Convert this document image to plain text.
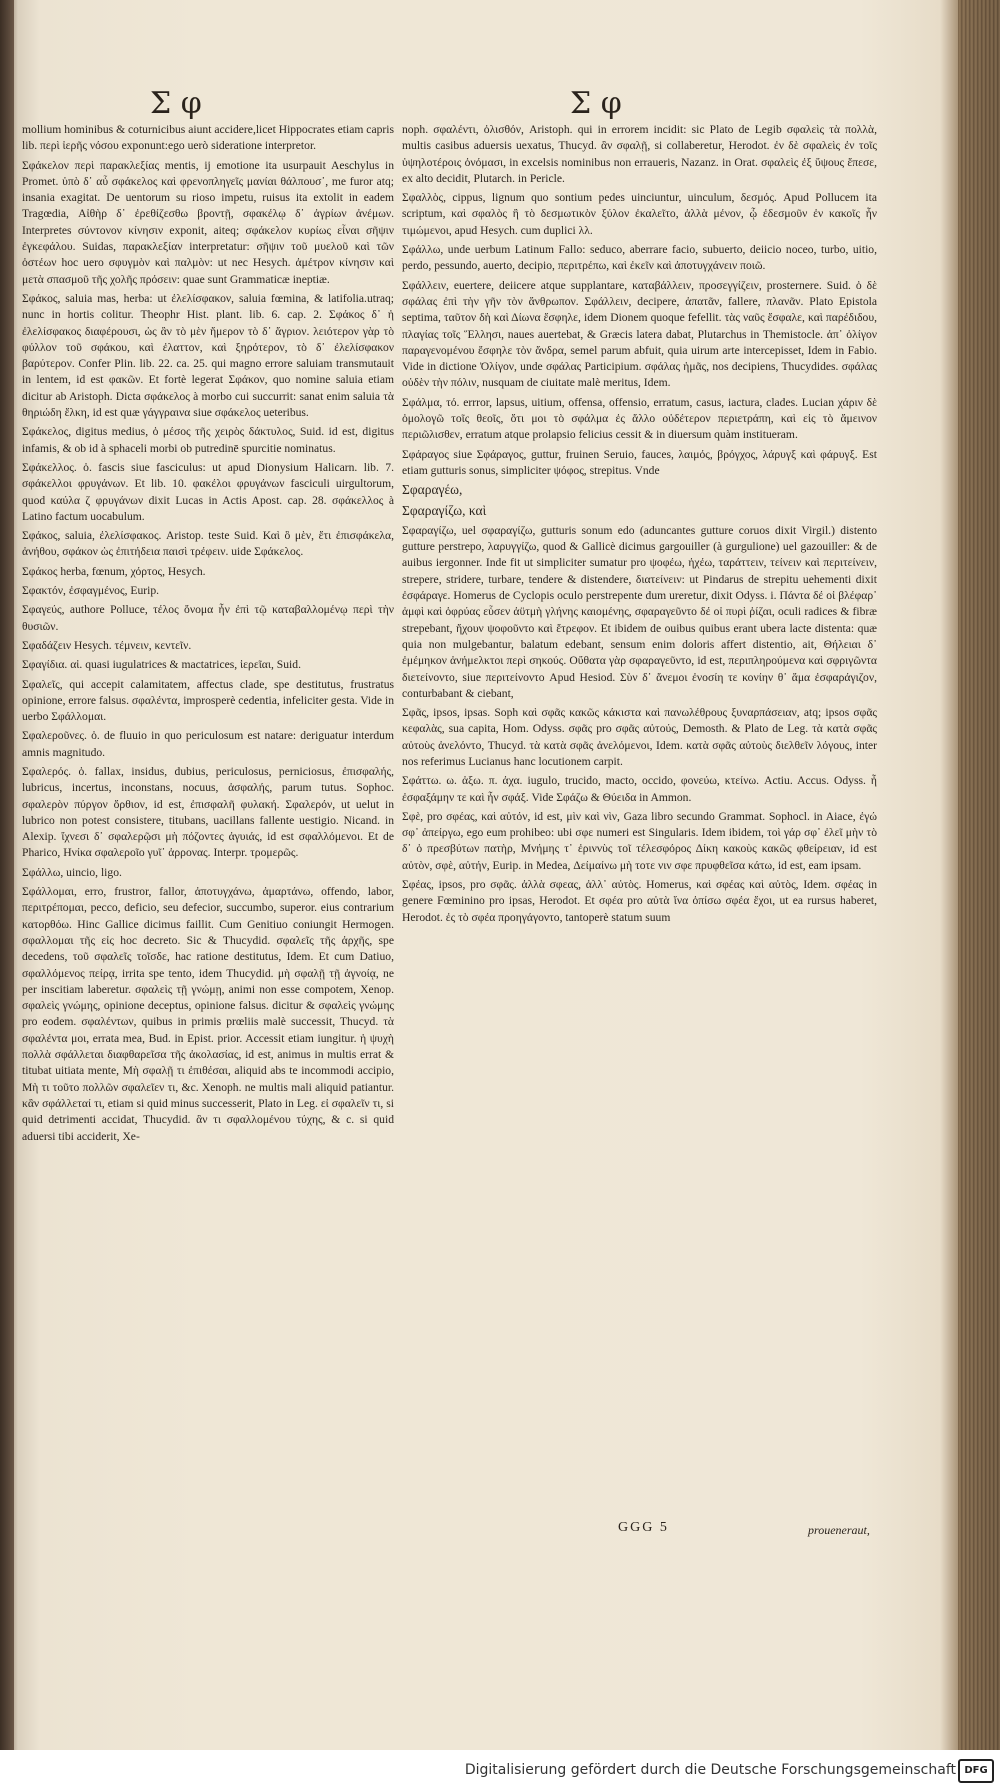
Σ φ	Σ φ

mollium hominibus & coturnicibus aiunt accidere,licet Hippocrates etiam capris lib. περὶ ἱερῆς νόσου exponunt:ego uerò sideratione interpretor.

Σφάκελον περὶ παρακλεξίας mentis, ij emotione ita usurpauit Aeschylus in Promet. ὑπὸ δ᾽ αὖ σφάκελος καὶ φρενοπληγεῖς μανίαι θάλπουσ᾽, me furor atq; insania exagitat. De uentorum su rioso impetu, ruisus ita extolit in eadem Tragœdia, Αἰθὴρ δ᾽ ἐρεθίζεσθω βροντῇ, σφακέλῳ δ᾽ ἀγρίων ἀνέμων. Interpretes σύντονον κίνησιν exponit, aiteq; σφάκελον κυρίως εἶναι σῆψιν ἐγκεφάλου. Suidas, παρακλεξίαν interpretatur: σῆψιν τοῦ μυελοῦ καὶ τῶν ὀστέων hoc uero σφυγμὸν καὶ παλμὸν: ut nec Hesych. ἀμέτρον κίνησιν καὶ μετὰ σπασμοῦ τῆς χολῆς πρόσειν: quae sunt Grammaticæ ineptiæ.

Σφάκος, saluia mas, herba: ut ἐλελίσφακον, saluia fœmina, & latifolia.utraq; nunc in hortis colitur. Theophr Hist. plant. lib. 6. cap. 2. Σφάκος δ᾽ ἡ ἐλελίσφακος διαφέρουσι, ὡς ἂν τὸ μὲν ἥμερον τὸ δ᾽ ἄγριον. λειότερον γὰρ τὸ φύλλον τοῦ σφάκου, καὶ ἐλαττον, καὶ ξηρότερον, τὸ δ᾽ ἐλελίσφακον βαρύτερον. Confer Plin. lib. 22. ca. 25. qui magno errore saluiam transmutauit in lentem, id est φακῶν. Et fortè legerat Σφάκον, quo nomine saluia etiam dicitur ab Aristoph. Dicta σφάκελος à morbo cui succurrit: sanat enim saluia τὰ θηριώδη ἕλκη, id est quæ γάγγραινα siue σφάκελος ueteribus.

Σφάκελος, digitus medius, ὁ μέσος τῆς χειρὸς δάκτυλος, Suid. id est, digitus infamis, & ob id à sphaceli morbi ob putredinē spurcitie nominatus.

Σφάκελλος. ὁ. fascis siue fasciculus: ut apud Dionysium Halicarn. lib. 7. σφάκελλοι φρυγάνων. Et lib. 10. φακέλοι φρυγάνων fasciculi uirgultorum, quod καύλα ζ φρυγάνων dixit Lucas in Actis Apost. cap. 28. σφάκελλος à Latino factum uocabulum.

Σφάκος, saluia, ἐλελίσφακος. Aristop. teste Suid. Καὶ ὃ μὲν, ἔτι ἐπισφάκελα, ἀνήθου, σφάκον ὡς ἐπιτήδεια παισὶ τρέφειν. uide Σφάκελος.

Σφάκος herba, fœnum, χόρτος, Hesych.

Σφακτόν, ἐσφαγμένος, Eurip.

Σφαγεύς, authore Polluce, τέλος ὄνομα ἦν ἐπὶ τῷ καταβαλλομένῳ περὶ τὴν θυσιῶν.

Σφαδάζειν Hesych. τέμνειν, κεντεῖν.

Σφαγίδια. αἱ. quasi iugulatrices & mactatrices, ἱερεῖαι, Suid.

Σφαλεῖς, qui accepit calamitatem, affectus clade, spe destitutus, frustratus opinione, errore falsus. σφαλέντα, improsperè cedentia, infeliciter gesta. Vide in uerbo Σφάλλομαι.

Σφαλεροῦνες. ὁ. de fluuio in quo periculosum est natare: deriguatur interdum amnis magnitudo.

Σφαλερός. ὁ. fallax, insidus, dubius, periculosus, perniciosus, ἐπισφαλής, lubricus, incertus, inconstans, nocuus, ἀσφαλής, parum tutus. Sophoc. σφαλερὸν πύργον ὄρθιον, id est, ἐπισφαλῆ φυλακή. Σφαλερόν, ut uelut in lubrico non potest consistere, titubans, uacillans fallente uestigio. Nicand. in Alexip. ἴχνεσι δ᾽ σφαλερῷσι μὴ πόζοντες ἀγυιάς, id est σφαλλόμενοι. Et de Pharico, Ηνίκα σφαλεροῖο γυῖ᾽ ἀρρονας. Interpr. τρομερῶς.

Σφάλλω, uincio, ligo.

Σφάλλομαι, erro, frustror, fallor, ἀποτυγχάνω, ἁμαρτάνω, offendo, labor, περιτρέπομαι, pecco, deficio, seu defecior, succumbo, superor. eius contrarium κατορθόω. Hinc Gallice dicimus faillit. Cum Genitiuo coniungit Hermogen. σφαλλομαι τῆς εἰς hoc decreto. Sic & Thucydid. σφαλεῖς τῆς ἀρχῆς, spe decedens, τοῦ σφαλεῖς τοῖσδε, hac ratione destitutus, Idem. Et cum Datiuo, σφαλλόμενος πείρᾳ, irrita spe tento, idem Thucydid. μὴ σφαλῇ τῇ ἀγνοίᾳ, ne per inscitiam laberetur. σφαλεὶς τῇ γνώμῃ, animi non esse compotem, Xenop. σφαλεὶς γνώμης, opinione deceptus, opinione falsus. dicitur & σφαλεὶς γνώμης pro eodem. σφαλέντων, quibus in primis prœliis malè successit, Thucyd. τὰ σφαλέντα μοι, errata mea, Bud. in Epist. prior. Accessit etiam iungitur. ἡ ψυχὴ πολλὰ σφάλλεται διαφθαρεῖσα τῆς ἀκολασίας, id est, animus in multis errat & titubat uitiata mente, Μὴ σφαλῇ τι ἐπιθέσαι, aliquid abs te incommodi accipio, Μὴ τι τοῦτο πολλῶν σφαλεῖεν τι, &c. Xenoph. ne multis mali aliquid patiantur. κἂν σφάλλεταί τι, etiam si quid minus successerit, Plato in Leg. εἰ σφαλεῖν τι, si quid detrimenti accidat, Thucydid. ἂν τι σφαλλομένου τύχης, & c. si quid aduersi tibi acciderit, Xe-

noph. σφαλέντι, ὀλισθόν, Aristoph. qui in errorem incidit: sic Plato de Legib σφαλεὶς τὰ πολλὰ, multis casibus aduersis uexatus, Thucyd. ἂν σφαλῇ, si collaberetur, Herodot. ἐν δὲ σφαλεὶς ἐν τοῖς ὑψηλοτέροις ὀνόμασι, in excelsis nominibus non erraueris, Nazanz. in Orat. σφαλεὶς ἐξ ὕψους ἔπεσε, ex alto decidit, Plutarch. in Pericle.

Σφαλλὸς, cippus, lignum quo sontium pedes uinciuntur, uinculum, δεσμός. Apud Pollucem ita scriptum, καὶ σφαλὸς ἢ τὸ δεσμωτικὸν ξύλον ἐκαλεῖτο, ἀλλὰ μένον, ᾧ ἐδεσμοῦν ἐν κακοῖς ἦν τιμώμενοι, apud Hesych. cum duplici λλ.

Σφάλλω, unde uerbum Latinum Fallo: seduco, aberrare facio, subuerto, deiicio noceo, turbo, uitio, perdo, pessundo, auerto, decipio, περιτρέπω, καὶ ἐκεῖν καὶ ἀποτυγχάνειν ποιῶ.

Σφάλλειν, euertere, deiicere atque supplantare, καταβάλλειν, προσεγγίζειν, prosternere. Suid. ὁ δὲ σφάλας ἐπὶ τὴν γῆν τὸν ἄνθρωπον. Σφάλλειν, decipere, ἀπατᾶν, fallere, πλανᾶν. Plato Epistola septima, ταῦτον δὴ καὶ Δίωνα ἔσφηλε, idem Dionem quoque fefellit. τὰς ναῦς ἔσφαλε, καὶ παρέδιδου, πλαγίας τοῖς Ἕλλησι, naues auertebat, & Græcis latera dabat, Plutarchus in Themistocle. ἀπ᾽ ὀλίγον παραγενομένου ἔσφηλε τὸν ἄνδρα, semel parum abfuit, quia uirum arte intercepisset, Idem in Fabio. Vide in dictione Ὀλίγον, unde σφάλας Participium. σφάλας ἡμᾶς, nos decipiens, Thucydides. σφάλας οὐδὲν τὴν πόλιν, nusquam de ciuitate malè meritus, Idem.

Σφάλμα, τό. errror, lapsus, uitium, offensa, offensio, erratum, casus, iactura, clades. Lucian χάριν δὲ ὁμολογῶ τοῖς θεοῖς, ὅτι μοι τὸ σφάλμα ἐς ἄλλο οὐδέτερον περιετράπη, καὶ εἰς τὸ ἄμεινον περιῶλισθεν, erratum atque prolapsio felicius cessit & in diuersum quàm institueram.

Σφάραγος siue Σφάραγος, guttur, fruinen Seruio, fauces, λαιμός, βρόγχος, λάρυγξ καὶ φάρυγξ. Est etiam gutturis sonus, simpliciter ψόφος, strepitus. Vnde

Σφαραγέω,

Σφαραγίζω, καὶ

Σφαραγίζω, uel σφαραγίζω, gutturis sonum edo (aduncantes gutture coruos dixit Virgil.) distento gutture perstrepo, λαρυγγίζω, quod & Gallicè dicimus gargouiller (à gurgulione) uel gazouiller: & de auibus iergonner. Inde fit ut simpliciter sumatur pro ψοφέω, ἠχέω, ταράττειν, τείνειν καὶ περιτείνειν, strepere, stridere, turbare, tendere & distendere, διατείνειν: ut Pindarus de strepitu uehementi dixit ἐσφάραγε. Homerus de Cyclopis oculo perstrepente dum ureretur, dixit Odyss. i. Πάντα δέ οἱ βλέφαρ᾽ ἀμφὶ καὶ ὀφρύας εὗσεν ἀϋτμὴ γλήνης καιομένης, σφαραγεῦντο δέ οἱ πυρὶ ῥίζαι, oculi radices & fibræ strepebant, ἤχουν ψοφοῦντο καὶ ἔτρεφον. Et ibidem de ouibus quibus erant ubera lacte distenta: quæ quia non mulgebantur, balatum edebant, sensum enim doloris affert distentio, ait, Θήλειαι δ᾽ ἐμέμηκον ἀνήμελκτοι περὶ σηκούς. Οὔθατα γὰρ σφαραγεῦντο, id est, περιπληρούμενα καὶ σφριγῶντα διετείνοντο, siue περιτείνοντο Apud Hesiod. Σὺν δ᾽ ἄνεμοι ἐνοσίη τε κονίην θ᾽ ἅμα ἐσφαράγιζον, conturbabant & ciebant,

Σφᾶς, ipsos, ipsas. Soph καὶ σφᾶς κακῶς κάκιστα καὶ πανωλέθρους ξυναρπάσειαν, atq; ipsos σφᾶς κεφαλὰς, sua capita, Hom. Odyss. σφᾶς pro σφᾶς αὐτούς, Demosth. & Plato de Leg. τὰ κατὰ σφᾶς αὐτοὺς ἀνελόντο, Thucyd. τὰ κατὰ σφᾶς ἀνελόμενοι, Idem. κατὰ σφᾶς αὐτοὺς διελθεῖν λόγους, inter nos referimus Lucianus hanc locutionem carpit.

Σφάττω. ω. ἀξω. π. ἀχα. iugulo, trucido, macto, occido, φονεύω, κτείνω. Actiu. Accus. Odyss. ἦ ἐσφαξάμην τε καὶ ἦν σφάξ. Vide Σφάζω & Θύειδα in Ammon.

Σφὲ, pro σφέας, καὶ αὐτόν, id est, μὶν καὶ νὶν, Gaza libro secundo Grammat. Sophocl. in Aiace, ἐγώ σφ᾽ ἀπείργω, ego eum prohibeo: ubi σφε numeri est Singularis. Idem ibidem, τοὶ γάρ σφ᾽ ἐλεῖ μὴν τὸ δ᾽ ὁ πρεσβύτων πατὴρ, Μνήμης τ᾽ ἐριννὺς τοῖ τέλεσφόρος Δίκη κακοὺς κακῶς φθείρειαν, id est αὐτὸν, σφὲ, αὐτήν, Eurip. in Medea, Δείμαίνω μὴ τοτε νιν σφε πρυφθεῖσα κάτω, id est, eam ipsam.

Σφέας, ipsos, pro σφᾶς. ἀλλὰ σφεας, ἀλλ᾽ αὐτὸς. Homerus, καὶ σφέας καὶ αὐτὸς, Idem. σφέας in genere Fœminino pro ipsas, Herodot. Et σφέα pro αὐτὰ ἵνα ὀπίσω σφέα ἔχοι, ut ea rursus haberet, Herodot. ἐς τὸ σφέα προηγάγοντο, tantoperè statum suum

GGG 5	proueneraut,
Digitalisierung gefördert durch die Deutsche Forschungsgemeinschaft DFG
